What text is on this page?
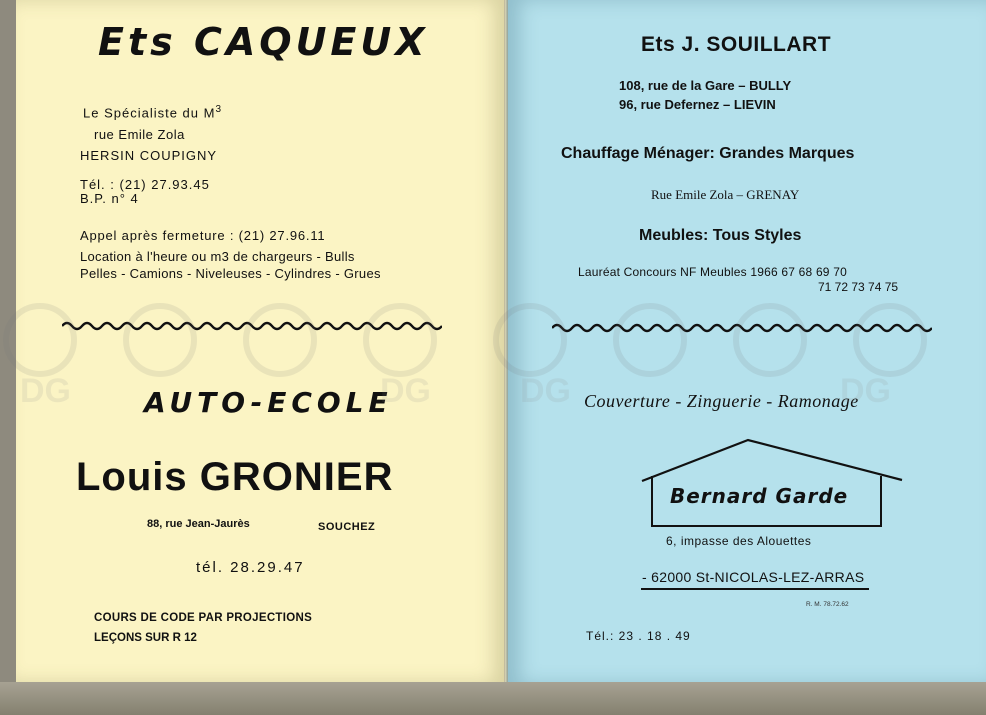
Ets CAQUEUX
Le Spécialiste du $M^3$
rue Emile Zola
HERSIN COUPIGNY
Tél. : (21) 27.93.45
B.P. n° 4
Appel après fermeture : (21) 27.96.11
Location à l'heure ou m3 de chargeurs - Bulls
Pelles - Camions - Niveleuses - Cylindres - Grues
AUTO-ECOLE
Louis GRONIER
88, rue Jean-Jaurès	SOUCHEZ
tél. 28.29.47
COURS DE CODE PAR PROJECTIONS
LEÇONS SUR R 12
Ets J. SOUILLART
108, rue de la Gare – BULLY
96, rue Defernez – LIEVIN
Chauffage Ménager: Grandes Marques
Rue Emile Zola – GRENAY
Meubles: Tous Styles
Lauréat Concours NF Meubles 1966 67 68 69 70
71 72 73 74 75
Couverture - Zinguerie - Ramonage
Bernard Garde
6, impasse des Alouettes
- 62000 St-NICOLAS-LEZ-ARRAS
R. M. 78.72.62
Tél.: 23 . 18 . 49
